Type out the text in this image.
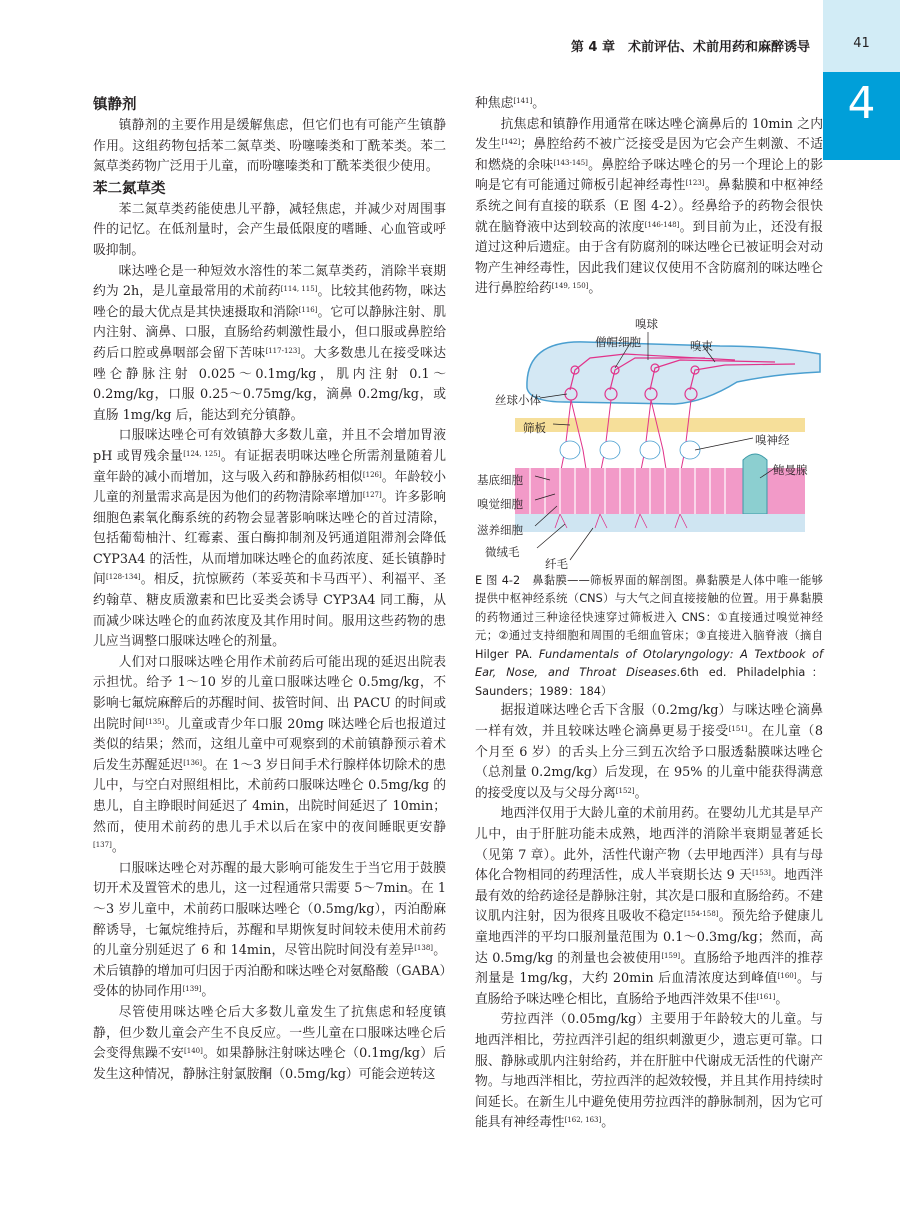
第 4 章　术前评估、术前用药和麻醉诱导	41
4
镇静剂

镇静剂的主要作用是缓解焦虑，但它们也有可能产生镇静作用。这组药物包括苯二氮草类、吩噻嗪类和丁酰苯类。苯二氮草类药物广泛用于儿童，而吩噻嗪类和丁酰苯类很少使用。

苯二氮草类

苯二氮草类药能使患儿平静，减轻焦虑，并减少对周围事件的记忆。在低剂量时，会产生最低限度的嗜睡、心血管或呼吸抑制。

咪达唑仑是一种短效水溶性的苯二氮草类药，消除半衰期约为 2h，是儿童最常用的术前药[114, 115]。比较其他药物，咪达唑仑的最大优点是其快速摄取和消除[116]。它可以静脉注射、肌内注射、滴鼻、口服，直肠给药刺激性最小，但口服或鼻腔给药后口腔或鼻咽部会留下苦味[117-123]。大多数患儿在接受咪达唑仑静脉注射 0.025～0.1mg/kg，肌内注射 0.1～0.2mg/kg，口服 0.25～0.75mg/kg，滴鼻 0.2mg/kg，或直肠 1mg/kg 后，能达到充分镇静。

口服咪达唑仑可有效镇静大多数儿童，并且不会增加胃液 pH 或胃残余量[124, 125]。有证据表明咪达唑仑所需剂量随着儿童年龄的减小而增加，这与吸入药和静脉药相似[126]。年龄较小儿童的剂量需求高是因为他们的药物清除率增加[127]。许多影响细胞色素氧化酶系统的药物会显著影响咪达唑仑的首过清除，包括葡萄柚汁、红霉素、蛋白酶抑制剂及钙通道阻滞剂会降低 CYP3A4 的活性，从而增加咪达唑仑的血药浓度、延长镇静时间[128-134]。相反，抗惊厥药（苯妥英和卡马西平）、利福平、圣约翰草、糖皮质激素和巴比妥类会诱导 CYP3A4 同工酶，从而减少咪达唑仑的血药浓度及其作用时间。服用这些药物的患儿应当调整口服咪达唑仑的剂量。

人们对口服咪达唑仑用作术前药后可能出现的延迟出院表示担忧。给予 1～10 岁的儿童口服咪达唑仑 0.5mg/kg，不影响七氟烷麻醉后的苏醒时间、拔管时间、出 PACU 的时间或出院时间[135]。儿童或青少年口服 20mg 咪达唑仑后也报道过类似的结果；然而，这组儿童中可观察到的术前镇静预示着术后发生苏醒延迟[136]。在 1～3 岁日间手术行腺样体切除术的患儿中，与空白对照组相比，术前药口服咪达唑仑 0.5mg/kg 的患儿，自主睁眼时间延迟了 4min，出院时间延迟了 10min；然而，使用术前药的患儿手术以后在家中的夜间睡眠更安静[137]。

口服咪达唑仑对苏醒的最大影响可能发生于当它用于鼓膜切开术及置管术的患儿，这一过程通常只需要 5～7min。在 1～3 岁儿童中，术前药口服咪达唑仑（0.5mg/kg），丙泊酚麻醉诱导，七氟烷维持后，苏醒和早期恢复时间较未使用术前药的儿童分别延迟了 6 和 14min，尽管出院时间没有差异[138]。术后镇静的增加可归因于丙泊酚和咪达唑仑对氨酪酸（GABA）受体的协同作用[139]。

尽管使用咪达唑仑后大多数儿童发生了抗焦虑和轻度镇静，但少数儿童会产生不良反应。一些儿童在口服咪达唑仑后会变得焦躁不安[140]。如果静脉注射咪达唑仑（0.1mg/kg）后发生这种情况，静脉注射氯胺酮（0.5mg/kg）可能会逆转这

种焦虑[141]。

抗焦虑和镇静作用通常在咪达唑仑滴鼻后的 10min 之内发生[142]；鼻腔给药不被广泛接受是因为它会产生刺激、不适和燃烧的余味[143-145]。鼻腔给予咪达唑仑的另一个理论上的影响是它有可能通过筛板引起神经毒性[123]。鼻黏膜和中枢神经系统之间有直接的联系（E 图 4-2）。经鼻给予的药物会很快就在脑脊液中达到较高的浓度[146-148]。到目前为止，还没有报道过这种后遗症。由于含有防腐剂的咪达唑仑已被证明会对动物产生神经毒性，因此我们建议仅使用不含防腐剂的咪达唑仑进行鼻腔给药[149, 150]。

嗅球
僧帽细胞	嗅束
丝球小体
筛板
嗅神经
鲍曼腺
基底细胞
嗅觉细胞
滋养细胞
微绒毛
纤毛

E 图 4-2　 鼻黏膜——筛板界面的解剖图。鼻黏膜是人体中唯一能够提供中枢神经系统（CNS）与大气之间直接接触的位置。用于鼻黏膜的药物通过三种途径快速穿过筛板进入 CNS：①直接通过嗅觉神经元；②通过支持细胞和周围的毛细血管床；③直接进入脑脊液（摘自 Hilger PA. Fundamentals of Otolaryngology: A Textbook of Ear, Nose, and Throat Diseases.6th ed. Philadelphia：Saunders；1989：184）

据报道咪达唑仑舌下含服（0.2mg/kg）与咪达唑仑滴鼻一样有效，并且较咪达唑仑滴鼻更易于接受[151]。在儿童（8 个月至 6 岁）的舌头上分三到五次给予口服透黏膜咪达唑仑（总剂量 0.2mg/kg）后发现，在 95% 的儿童中能获得满意的接受度以及与父母分离[152]。

地西泮仅用于大龄儿童的术前用药。在婴幼儿尤其是早产儿中，由于肝脏功能未成熟，地西泮的消除半衰期显著延长（见第 7 章）。此外，活性代谢产物（去甲地西泮）具有与母体化合物相同的药理活性，成人半衰期长达 9 天[153]。地西泮最有效的给药途径是静脉注射，其次是口服和直肠给药。不建议肌内注射，因为很疼且吸收不稳定[154-158]。预先给予健康儿童地西泮的平均口服剂量范围为 0.1～0.3mg/kg；然而，高达 0.5mg/kg 的剂量也会被使用[159]。直肠给予地西泮的推荐剂量是 1mg/kg，大约 20min 后血清浓度达到峰值[160]。与直肠给予咪达唑仑相比，直肠给予地西泮效果不佳[161]。

劳拉西泮（0.05mg/kg）主要用于年龄较大的儿童。与地西泮相比，劳拉西泮引起的组织刺激更少，遗忘更可靠。口服、静脉或肌内注射给药，并在肝脏中代谢成无活性的代谢产物。与地西泮相比，劳拉西泮的起效较慢，并且其作用持续时间延长。在新生儿中避免使用劳拉西泮的静脉制剂，因为它可能具有神经毒性[162, 163]。
